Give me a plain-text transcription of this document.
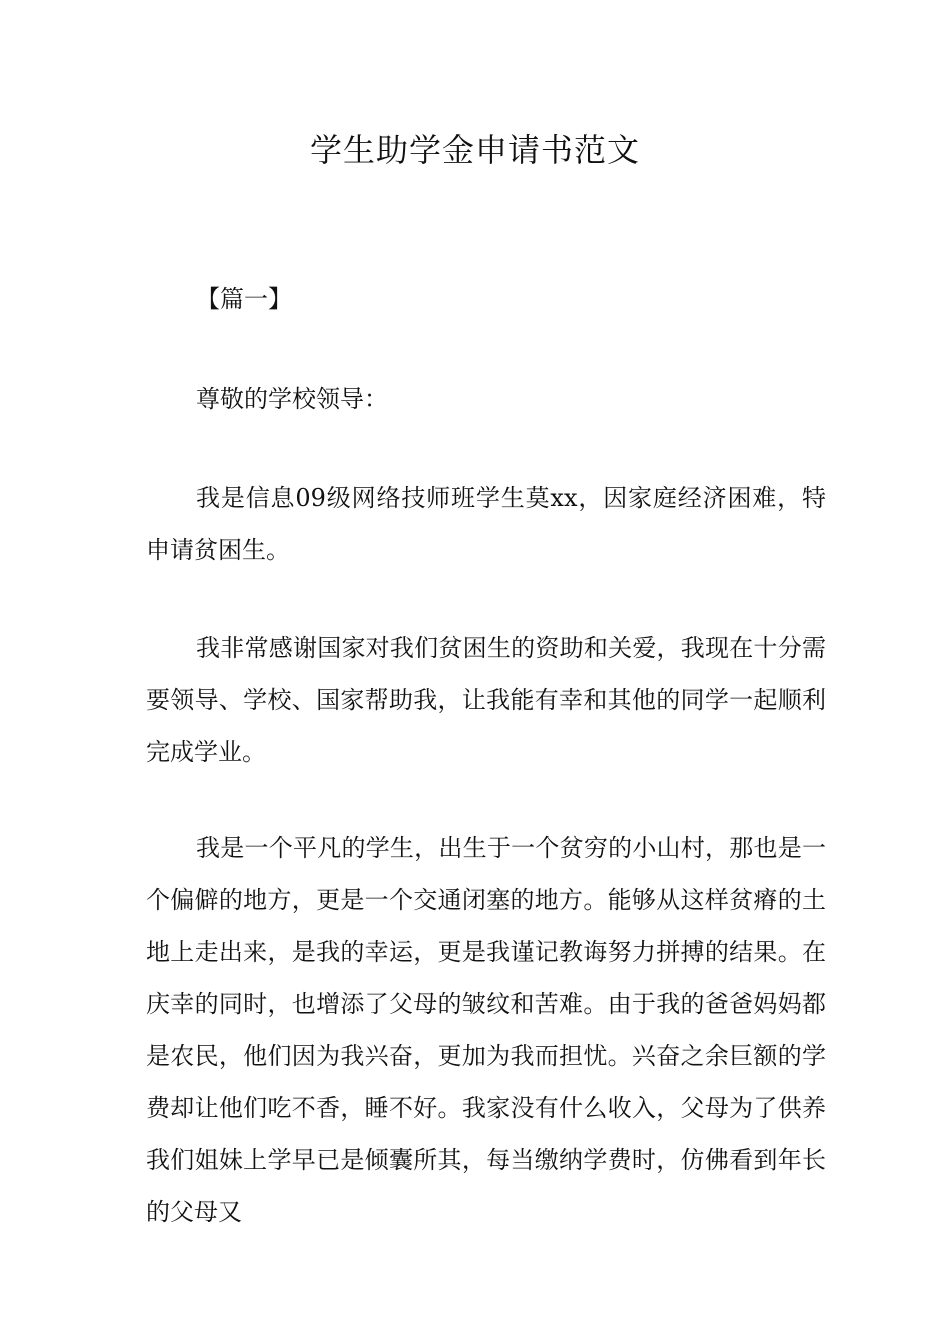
学生助学金申请书范文
【篇一】

尊敬的学校领导：

我是信息09级网络技师班学生莫xx，因家庭经济困难，特申请贫困生。

我非常感谢国家对我们贫困生的资助和关爱，我现在十分需要领导、学校、国家帮助我，让我能有幸和其他的同学一起顺利完成学业。

我是一个平凡的学生，出生于一个贫穷的小山村，那也是一个偏僻的地方，更是一个交通闭塞的地方。能够从这样贫瘠的土地上走出来，是我的幸运，更是我谨记教诲努力拼搏的结果。在庆幸的同时，也增添了父母的皱纹和苦难。由于我的爸爸妈妈都是农民，他们因为我兴奋，更加为我而担忧。兴奋之余巨额的学费却让他们吃不香，睡不好。我家没有什么收入，父母为了供养我们姐妹上学早已是倾囊所其，每当缴纳学费时，仿佛看到年长的父母又
